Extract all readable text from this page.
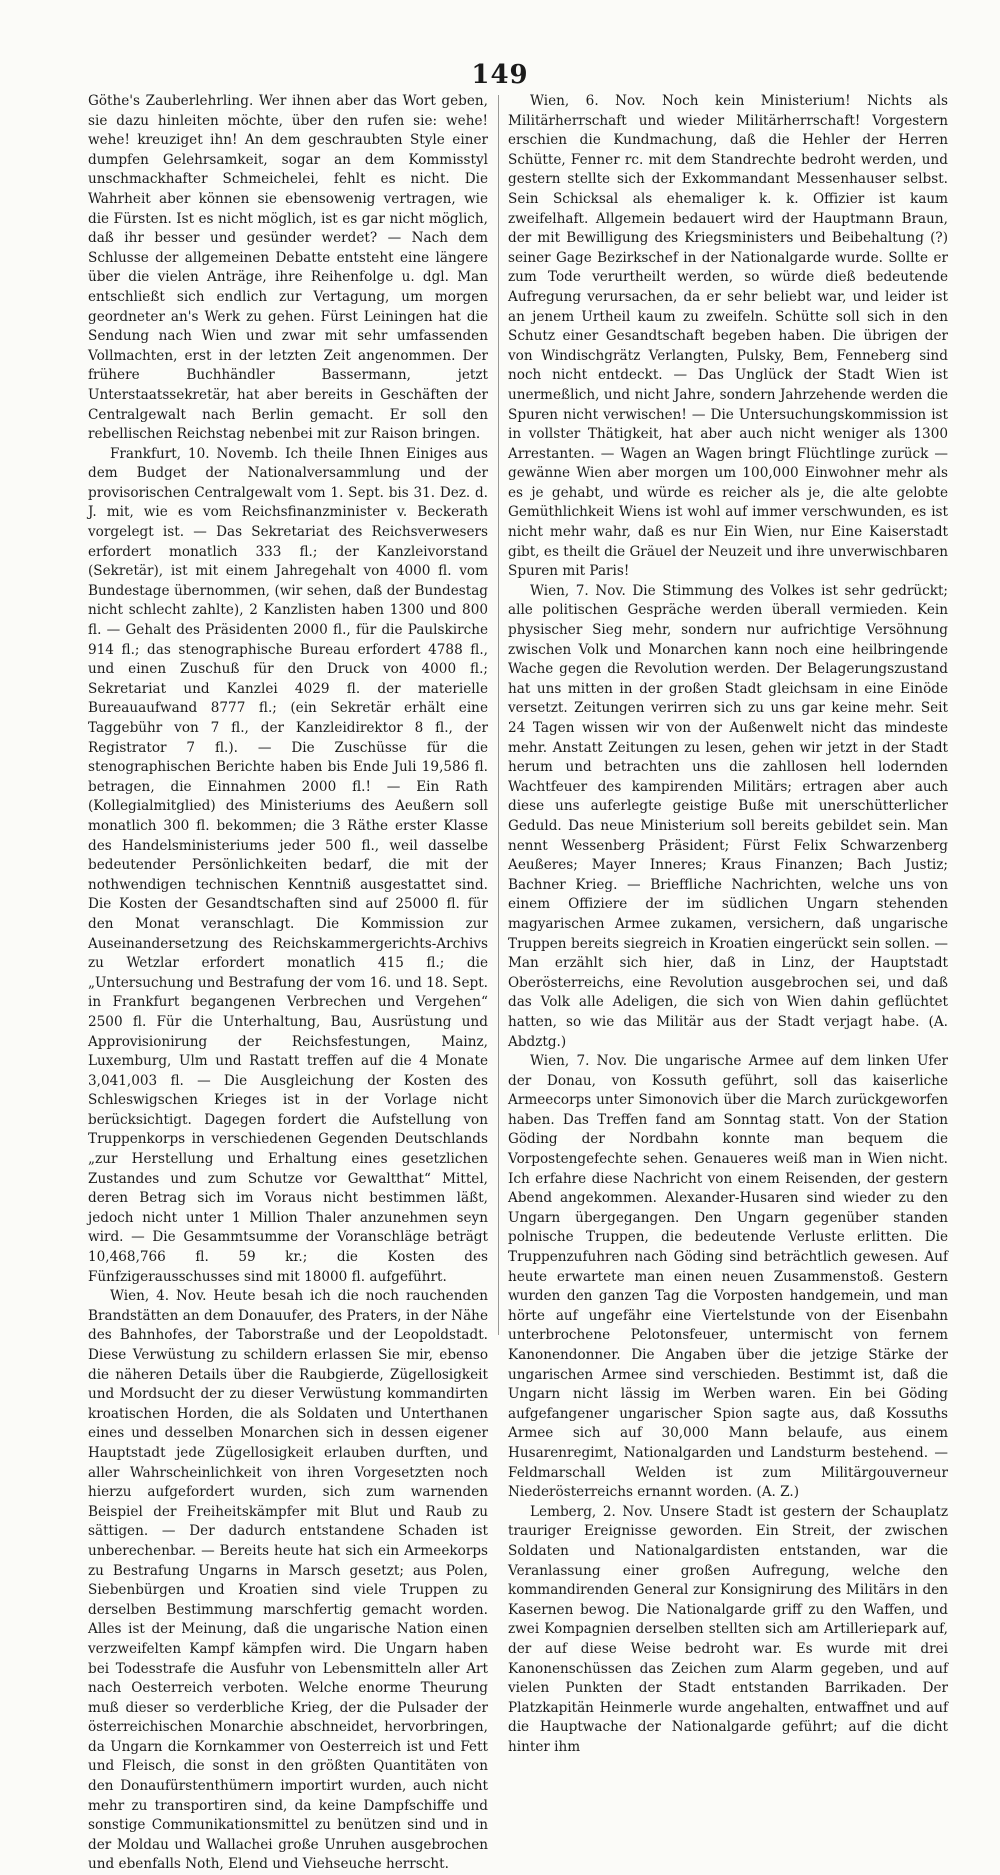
149

Göthe's Zauberlehrling. Wer ihnen aber das Wort geben, sie dazu hinleiten möchte, über den rufen sie: wehe! wehe! kreuziget ihn! An dem geschraubten Style einer dumpfen Gelehrsamkeit, sogar an dem Kommisstyl unschmackhafter Schmeichelei, fehlt es nicht. Die Wahrheit aber können sie ebensowenig vertragen, wie die Fürsten. Ist es nicht möglich, ist es gar nicht möglich, daß ihr besser und gesünder werdet? — Nach dem Schlusse der allgemeinen Debatte entsteht eine längere über die vielen Anträge, ihre Reihenfolge u. dgl. Man entschließt sich endlich zur Vertagung, um morgen geordneter an's Werk zu gehen. Fürst Leiningen hat die Sendung nach Wien und zwar mit sehr umfassenden Vollmachten, erst in der letzten Zeit angenommen. Der frühere Buchhändler Bassermann, jetzt Unterstaatssekretär, hat aber bereits in Geschäften der Centralgewalt nach Berlin gemacht. Er soll den rebellischen Reichstag nebenbei mit zur Raison bringen.

Frankfurt, 10. Novemb. Ich theile Ihnen Einiges aus dem Budget der Nationalversammlung und der provisorischen Centralgewalt vom 1. Sept. bis 31. Dez. d. J. mit, wie es vom Reichsfinanzminister v. Beckerath vorgelegt ist. — Das Sekretariat des Reichsverwesers erfordert monatlich 333 fl.; der Kanzleivorstand (Sekretär), ist mit einem Jahregehalt von 4000 fl. vom Bundestage übernommen, (wir sehen, daß der Bundestag nicht schlecht zahlte), 2 Kanzlisten haben 1300 und 800 fl. — Gehalt des Präsidenten 2000 fl., für die Paulskirche 914 fl.; das stenographische Bureau erfordert 4788 fl., und einen Zuschuß für den Druck von 4000 fl.; Sekretariat und Kanzlei 4029 fl. der materielle Bureauaufwand 8777 fl.; (ein Sekretär erhält eine Taggebühr von 7 fl., der Kanzleidirektor 8 fl., der Registrator 7 fl.). — Die Zuschüsse für die stenographischen Berichte haben bis Ende Juli 19,586 fl. betragen, die Einnahmen 2000 fl.! — Ein Rath (Kollegialmitglied) des Ministeriums des Aeußern soll monatlich 300 fl. bekommen; die 3 Räthe erster Klasse des Handelsministeriums jeder 500 fl., weil dasselbe bedeutender Persönlichkeiten bedarf, die mit der nothwendigen technischen Kenntniß ausgestattet sind. Die Kosten der Gesandtschaften sind auf 25000 fl. für den Monat veranschlagt. Die Kommission zur Auseinandersetzung des Reichskammergerichts-Archivs zu Wetzlar erfordert monatlich 415 fl.; die „Untersuchung und Bestrafung der vom 16. und 18. Sept. in Frankfurt begangenen Verbrechen und Vergehen“ 2500 fl. Für die Unterhaltung, Bau, Ausrüstung und Approvisionirung der Reichsfestungen, Mainz, Luxemburg, Ulm und Rastatt treffen auf die 4 Monate 3,041,003 fl. — Die Ausgleichung der Kosten des Schleswigschen Krieges ist in der Vorlage nicht berücksichtigt. Dagegen fordert die Aufstellung von Truppenkorps in verschiedenen Gegenden Deutschlands „zur Herstellung und Erhaltung eines gesetzlichen Zustandes und zum Schutze vor Gewaltthat“ Mittel, deren Betrag sich im Voraus nicht bestimmen läßt, jedoch nicht unter 1 Million Thaler anzunehmen seyn wird. — Die Gesammtsumme der Voranschläge beträgt 10,468,766 fl. 59 kr.; die Kosten des Fünfzigerausschusses sind mit 18000 fl. aufgeführt.

Wien, 4. Nov. Heute besah ich die noch rauchenden Brandstätten an dem Donauufer, des Praters, in der Nähe des Bahnhofes, der Taborstraße und der Leopoldstadt. Diese Verwüstung zu schildern erlassen Sie mir, ebenso die näheren Details über die Raubgierde, Zügellosigkeit und Mordsucht der zu dieser Verwüstung kommandirten kroatischen Horden, die als Soldaten und Unterthanen eines und desselben Monarchen sich in dessen eigener Hauptstadt jede Zügellosigkeit erlauben durften, und aller Wahrscheinlichkeit von ihren Vorgesetzten noch hierzu aufgefordert wurden, sich zum warnenden Beispiel der Freiheitskämpfer mit Blut und Raub zu sättigen. — Der dadurch entstandene Schaden ist unberechenbar. — Bereits heute hat sich ein Armeekorps zu Bestrafung Ungarns in Marsch gesetzt; aus Polen, Siebenbürgen und Kroatien sind viele Truppen zu derselben Bestimmung marschfertig gemacht worden. Alles ist der Meinung, daß die ungarische Nation einen verzweifelten Kampf kämpfen wird. Die Ungarn haben bei Todesstrafe die Ausfuhr von Lebensmitteln aller Art nach Oesterreich verboten. Welche enorme Theurung muß dieser so verderbliche Krieg, der die Pulsader der österreichischen Monarchie abschneidet, hervorbringen, da Ungarn die Kornkammer von Oesterreich ist und Fett und Fleisch, die sonst in den größten Quantitäten von den Donaufürstenthümern importirt wurden, auch nicht mehr zu transportiren sind, da keine Dampfschiffe und sonstige Communikationsmittel zu benützen sind und in der Moldau und Wallachei große Unruhen ausgebrochen und ebenfalls Noth, Elend und Viehseuche herrscht.

Wien, 6. Nov. Noch kein Ministerium! Nichts als Militärherrschaft und wieder Militärherrschaft! Vorgestern erschien die Kundmachung, daß die Hehler der Herren Schütte, Fenner rc. mit dem Standrechte bedroht werden, und gestern stellte sich der Exkommandant Messenhauser selbst. Sein Schicksal als ehemaliger k. k. Offizier ist kaum zweifelhaft. Allgemein bedauert wird der Hauptmann Braun, der mit Bewilligung des Kriegsministers und Beibehaltung (?) seiner Gage Bezirkschef in der Nationalgarde wurde. Sollte er zum Tode verurtheilt werden, so würde dieß bedeutende Aufregung verursachen, da er sehr beliebt war, und leider ist an jenem Urtheil kaum zu zweifeln. Schütte soll sich in den Schutz einer Gesandtschaft begeben haben. Die übrigen der von Windischgrätz Verlangten, Pulsky, Bem, Fenneberg sind noch nicht entdeckt. — Das Unglück der Stadt Wien ist unermeßlich, und nicht Jahre, sondern Jahrzehende werden die Spuren nicht verwischen! — Die Untersuchungskommission ist in vollster Thätigkeit, hat aber auch nicht weniger als 1300 Arrestanten. — Wagen an Wagen bringt Flüchtlinge zurück — gewänne Wien aber morgen um 100,000 Einwohner mehr als es je gehabt, und würde es reicher als je, die alte gelobte Gemüthlichkeit Wiens ist wohl auf immer verschwunden, es ist nicht mehr wahr, daß es nur Ein Wien, nur Eine Kaiserstadt gibt, es theilt die Gräuel der Neuzeit und ihre unverwischbaren Spuren mit Paris!

Wien, 7. Nov. Die Stimmung des Volkes ist sehr gedrückt; alle politischen Gespräche werden überall vermieden. Kein physischer Sieg mehr, sondern nur aufrichtige Versöhnung zwischen Volk und Monarchen kann noch eine heilbringende Wache gegen die Revolution werden. Der Belagerungszustand hat uns mitten in der großen Stadt gleichsam in eine Einöde versetzt. Zeitungen verirren sich zu uns gar keine mehr. Seit 24 Tagen wissen wir von der Außenwelt nicht das mindeste mehr. Anstatt Zeitungen zu lesen, gehen wir jetzt in der Stadt herum und betrachten uns die zahllosen hell lodernden Wachtfeuer des kampirenden Militärs; ertragen aber auch diese uns auferlegte geistige Buße mit unerschütterlicher Geduld. Das neue Ministerium soll bereits gebildet sein. Man nennt Wessenberg Präsident; Fürst Felix Schwarzenberg Aeußeres; Mayer Inneres; Kraus Finanzen; Bach Justiz; Bachner Krieg. — Brieffliche Nachrichten, welche uns von einem Offiziere der im südlichen Ungarn stehenden magyarischen Armee zukamen, versichern, daß ungarische Truppen bereits siegreich in Kroatien eingerückt sein sollen. — Man erzählt sich hier, daß in Linz, der Hauptstadt Oberösterreichs, eine Revolution ausgebrochen sei, und daß das Volk alle Adeligen, die sich von Wien dahin geflüchtet hatten, so wie das Militär aus der Stadt verjagt habe. (A. Abdztg.)

Wien, 7. Nov. Die ungarische Armee auf dem linken Ufer der Donau, von Kossuth geführt, soll das kaiserliche Armeecorps unter Simonovich über die March zurückgeworfen haben. Das Treffen fand am Sonntag statt. Von der Station Göding der Nordbahn konnte man bequem die Vorpostengefechte sehen. Genaueres weiß man in Wien nicht. Ich erfahre diese Nachricht von einem Reisenden, der gestern Abend angekommen. Alexander-Husaren sind wieder zu den Ungarn übergegangen. Den Ungarn gegenüber standen polnische Truppen, die bedeutende Verluste erlitten. Die Truppenzufuhren nach Göding sind beträchtlich gewesen. Auf heute erwartete man einen neuen Zusammenstoß. Gestern wurden den ganzen Tag die Vorposten handgemein, und man hörte auf ungefähr eine Viertelstunde von der Eisenbahn unterbrochene Pelotonsfeuer, untermischt von fernem Kanonendonner. Die Angaben über die jetzige Stärke der ungarischen Armee sind verschieden. Bestimmt ist, daß die Ungarn nicht lässig im Werben waren. Ein bei Göding aufgefangener ungarischer Spion sagte aus, daß Kossuths Armee sich auf 30,000 Mann belaufe, aus einem Husarenregimt, Nationalgarden und Landsturm bestehend. — Feldmarschall Welden ist zum Militärgouverneur Niederösterreichs ernannt worden. (A. Z.)

Lemberg, 2. Nov. Unsere Stadt ist gestern der Schauplatz trauriger Ereignisse geworden. Ein Streit, der zwischen Soldaten und Nationalgardisten entstanden, war die Veranlassung einer großen Aufregung, welche den kommandirenden General zur Konsignirung des Militärs in den Kasernen bewog. Die Nationalgarde griff zu den Waffen, und zwei Kompagnien derselben stellten sich am Artilleriepark auf, der auf diese Weise bedroht war. Es wurde mit drei Kanonenschüssen das Zeichen zum Alarm gegeben, und auf vielen Punkten der Stadt entstanden Barrikaden. Der Platzkapitän Heinmerle wurde angehalten, entwaffnet und auf die Hauptwache der Nationalgarde geführt; auf die dicht hinter ihm
